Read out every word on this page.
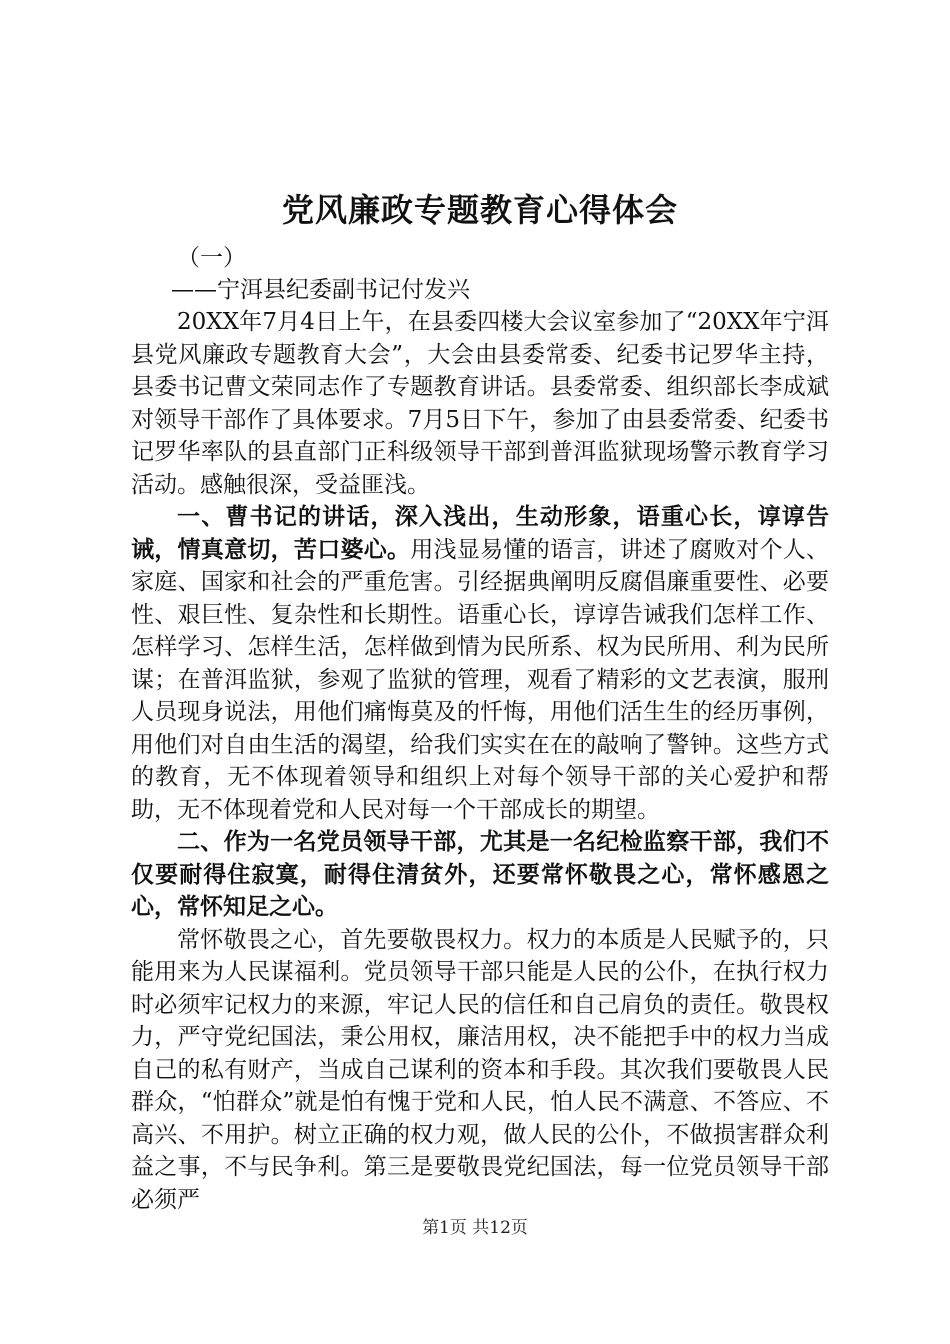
党风廉政专题教育心得体会
（一）
——宁洱县纪委副书记付发兴

20XX年7月4日上午，在县委四楼大会议室参加了“20XX年宁洱县党风廉政专题教育大会”，大会由县委常委、纪委书记罗华主持，县委书记曹文荣同志作了专题教育讲话。县委常委、组织部长李成斌对领导干部作了具体要求。7月5日下午，参加了由县委常委、纪委书记罗华率队的县直部门正科级领导干部到普洱监狱现场警示教育学习活动。感触很深，受益匪浅。

一、曹书记的讲话，深入浅出，生动形象，语重心长，谆谆告诫，情真意切，苦口婆心。用浅显易懂的语言，讲述了腐败对个人、家庭、国家和社会的严重危害。引经据典阐明反腐倡廉重要性、必要性、艰巨性、复杂性和长期性。语重心长，谆谆告诫我们怎样工作、怎样学习、怎样生活，怎样做到情为民所系、权为民所用、利为民所谋；在普洱监狱，参观了监狱的管理，观看了精彩的文艺表演，服刑人员现身说法，用他们痛悔莫及的忏悔，用他们活生生的经历事例，用他们对自由生活的渴望，给我们实实在在的敲响了警钟。这些方式的教育，无不体现着领导和组织上对每个领导干部的关心爱护和帮助，无不体现着党和人民对每一个干部成长的期望。

二、作为一名党员领导干部，尤其是一名纪检监察干部，我们不仅要耐得住寂寞，耐得住清贫外，还要常怀敬畏之心，常怀感恩之心，常怀知足之心。

常怀敬畏之心，首先要敬畏权力。权力的本质是人民赋予的，只能用来为人民谋福利。党员领导干部只能是人民的公仆，在执行权力时必须牢记权力的来源，牢记人民的信任和自己肩负的责任。敬畏权力，严守党纪国法，秉公用权，廉洁用权，决不能把手中的权力当成自己的私有财产，当成自己谋利的资本和手段。其次我们要敬畏人民群众，“怕群众”就是怕有愧于党和人民，怕人民不满意、不答应、不高兴、不用护。树立正确的权力观，做人民的公仆，不做损害群众利益之事，不与民争利。第三是要敬畏党纪国法，每一位党员领导干部必须严

第1页 共12页
